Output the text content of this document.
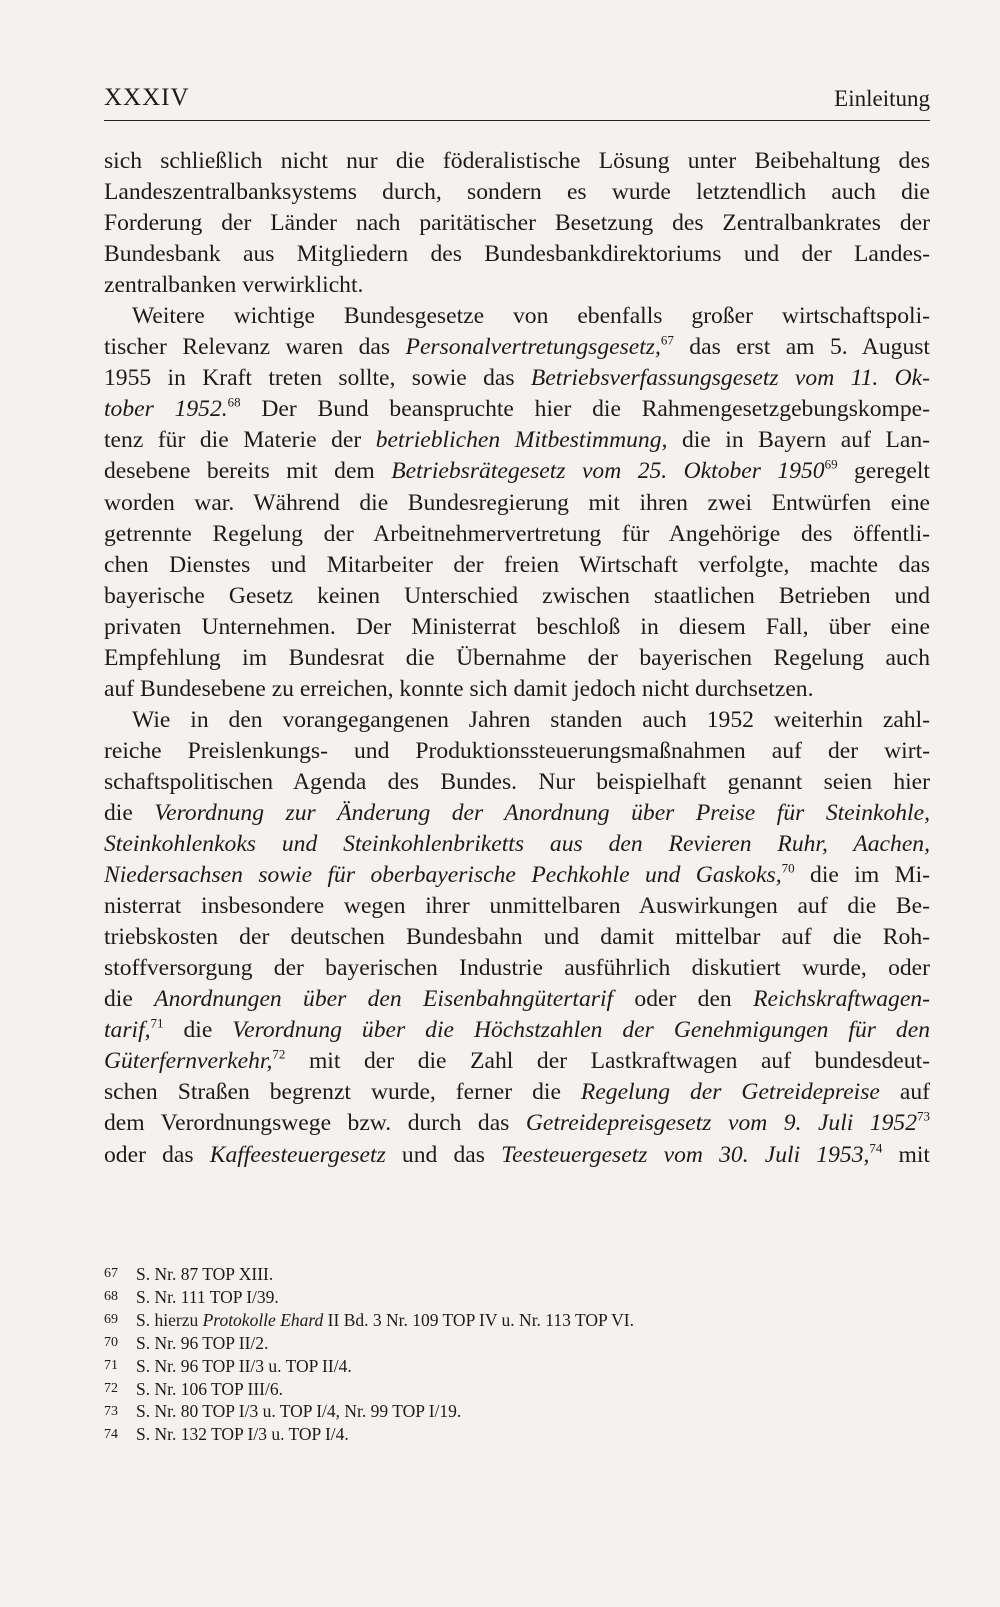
XXXIV	Einleitung
sich schließlich nicht nur die föderalistische Lösung unter Beibehaltung des
Landeszentralbanksystems durch, sondern es wurde letztendlich auch die
Forderung der Länder nach paritätischer Besetzung des Zentralbankrates der
Bundesbank aus Mitgliedern des Bundesbankdirektoriums und der Landes-
zentralbanken verwirklicht.
Weitere wichtige Bundesgesetze von ebenfalls großer wirtschaftspoli-
tischer Relevanz waren das Personalvertretungsgesetz,$^{67}$ das erst am 5. August
1955 in Kraft treten sollte, sowie das Betriebsverfassungsgesetz vom 11. Ok-
tober 1952.68 Der Bund beanspruchte hier die Rahmengesetzgebungskompe-
tenz für die Materie der betrieblichen Mitbestimmung, die in Bayern auf Lan-
desebene bereits mit dem Betriebsrätegesetz vom 25. Oktober 1950$^{69}$ geregelt
worden war. Während die Bundesregierung mit ihren zwei Entwürfen eine
getrennte Regelung der Arbeitnehmervertretung für Angehörige des öffentli-
chen Dienstes und Mitarbeiter der freien Wirtschaft verfolgte, machte das
bayerische Gesetz keinen Unterschied zwischen staatlichen Betrieben und
privaten Unternehmen. Der Ministerrat beschloß in diesem Fall, über eine
Empfehlung im Bundesrat die Übernahme der bayerischen Regelung auch
auf Bundesebene zu erreichen, konnte sich damit jedoch nicht durchsetzen.
Wie in den vorangegangenen Jahren standen auch 1952 weiterhin zahl-
reiche Preislenkungs- und Produktionssteuerungsmaßnahmen auf der wirt-
schaftspolitischen Agenda des Bundes. Nur beispielhaft genannt seien hier
die Verordnung zur Änderung der Anordnung über Preise für Steinkohle,
Steinkohlenkoks und Steinkohlenbriketts aus den Revieren Ruhr, Aachen,
Niedersachsen sowie für oberbayerische Pechkohle und Gaskoks,$^{70}$ die im Mi-
nisterrat insbesondere wegen ihrer unmittelbaren Auswirkungen auf die Be-
triebskosten der deutschen Bundesbahn und damit mittelbar auf die Roh-
stoffversorgung der bayerischen Industrie ausführlich diskutiert wurde, oder
die Anordnungen über den Eisenbahngütertarif oder den Reichskraftwagen-
tarif,$^{71}$ die Verordnung über die Höchstzahlen der Genehmigungen für den
Güterfernverkehr,$^{72}$ mit der die Zahl der Lastkraftwagen auf bundesdeut-
schen Straßen begrenzt wurde, ferner die Regelung der Getreidepreise auf
dem Verordnungswege bzw. durch das Getreidepreisgesetz vom 9. Juli 1952$^{73}$
oder das Kaffeesteuergesetz und das Teesteuergesetz vom 30. Juli 1953,74 mit
67 S. Nr. 87 TOP XIII.
68 S. Nr. 111 TOP I/39.
69 S. hierzu Protokolle Ehard II Bd. 3 Nr. 109 TOP IV u. Nr. 113 TOP VI.
70 S. Nr. 96 TOP II/2.
71 S. Nr. 96 TOP II/3 u. TOP II/4.
72 S. Nr. 106 TOP III/6.
73 S. Nr. 80 TOP I/3 u. TOP I/4, Nr. 99 TOP I/19.
74 S. Nr. 132 TOP I/3 u. TOP I/4.
